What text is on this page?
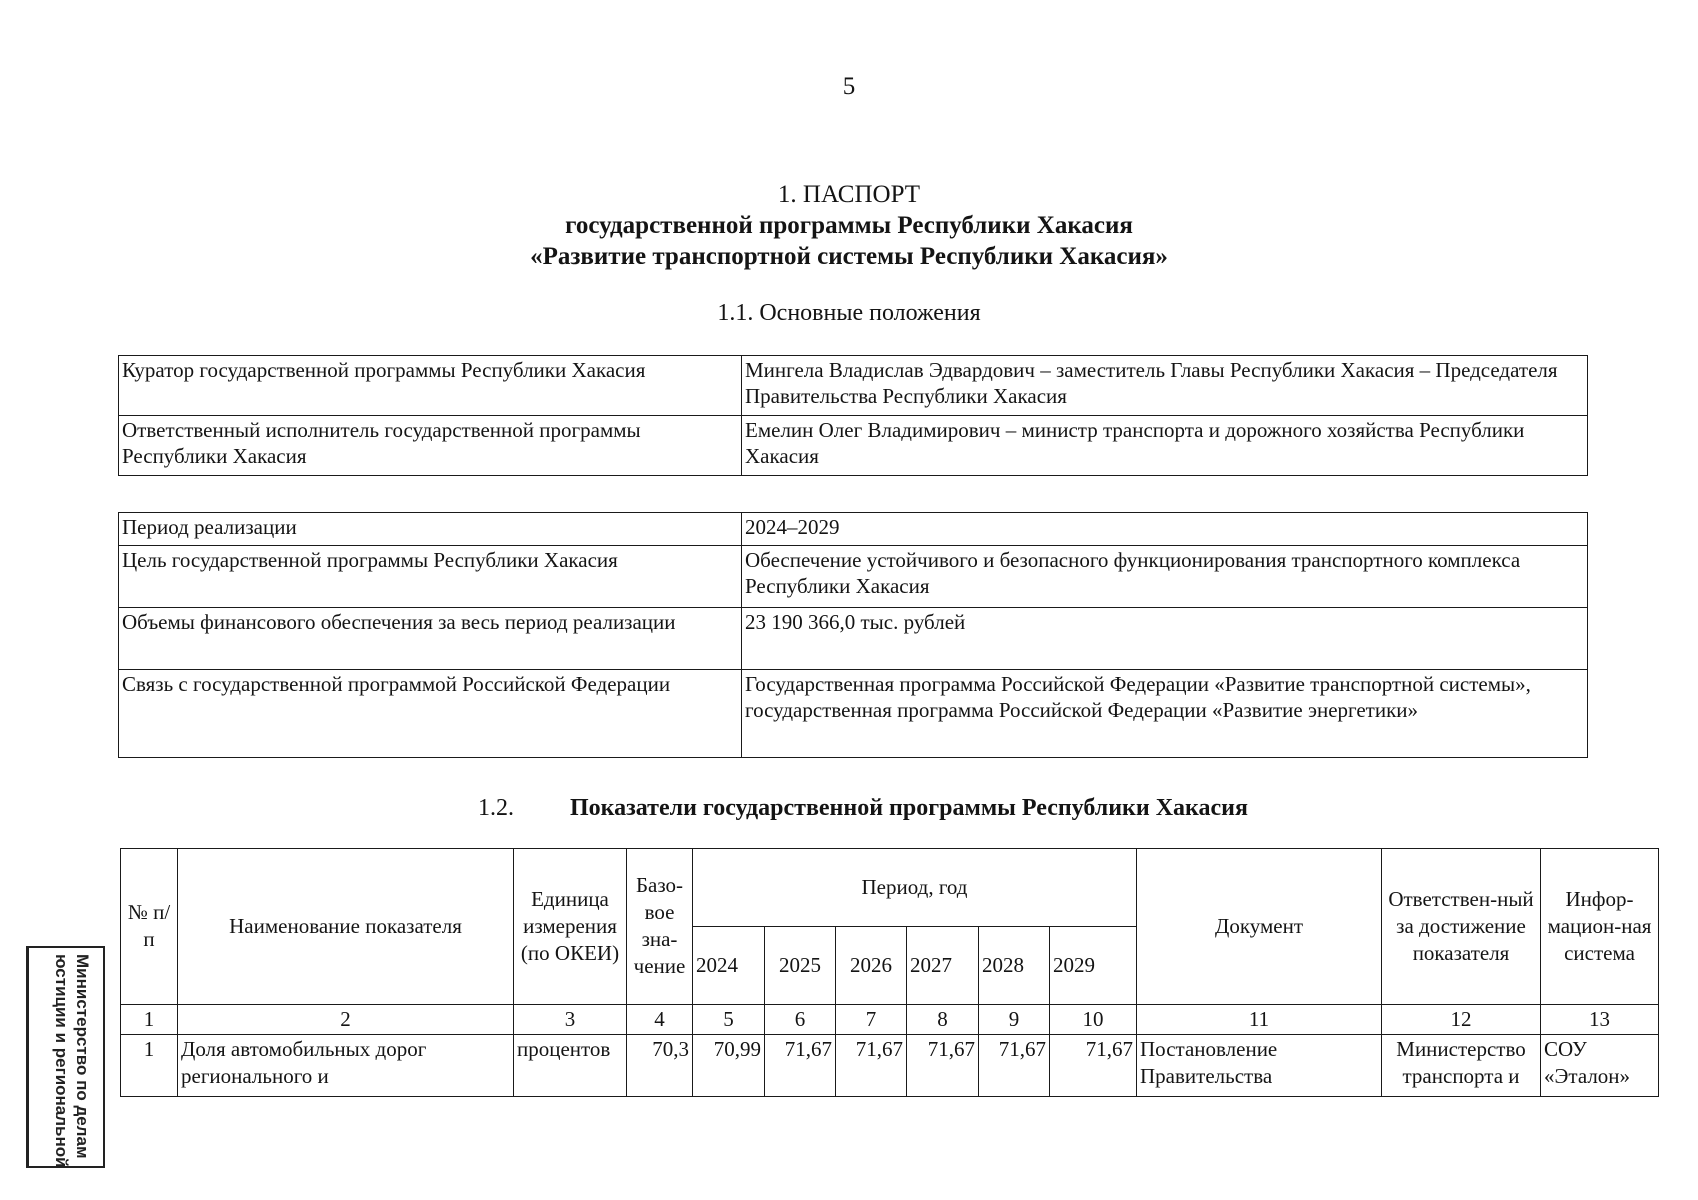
5
1. ПАСПОРТ
государственной программы Республики Хакасия
«Развитие транспортной системы Республики Хакасия»
1.1. Основные положения
Куратор государственной программы Республики Хакасия	Мингела Владислав Эдвардович – заместитель Главы Республики Хакасия – Председателя Правительства Республики Хакасия
Ответственный исполнитель государственной программы Республики Хакасия	Емелин Олег Владимирович – министр транспорта и дорожного хозяйства Республики Хакасия
Период реализации	2024–2029
Цель государственной программы Республики Хакасия	Обеспечение устойчивого и безопасного функционирования транспортного комплекса Республики Хакасия
Объемы финансового обеспечения за весь период реализации	23 190 366,0 тыс. рублей
Связь с государственной программой Российской Федерации	Государственная программа Российской Федерации «Развитие транспортной системы», государственная программа Российской Федерации «Развитие энергетики»
1.2. Показатели государственной программы Республики Хакасия
№ п/п	Наименование показателя	Единица измерения (по ОКЕИ)	Базо-вое зна-чение	Период, год						Документ	Ответствен-ный за достижение показателя	Инфор-мацион-ная система
				2024	2025	2026	2027	2028	2029			
1	2	3	4	5	6	7	8	9	10	11	12	13
1	Доля автомобильных дорог регионального и	процентов	70,3	70,99	71,67	71,67	71,67	71,67	71,67	Постановление Правительства	Министерство транспорта и	СОУ «Эталон»
Министерство по делам
юстиции и региональной
